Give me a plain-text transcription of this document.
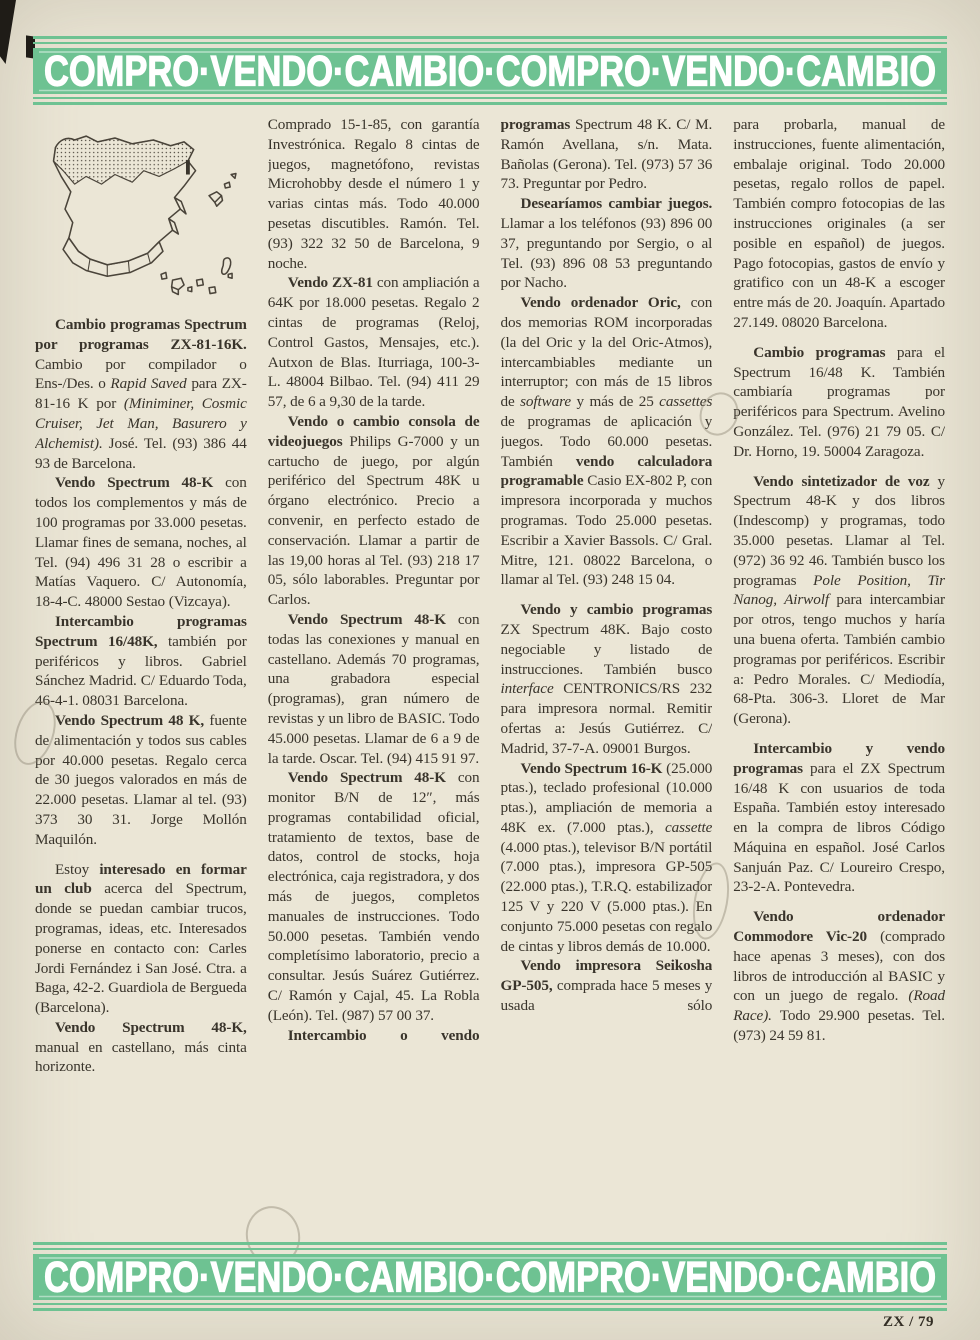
COMPRO·VENDO·CAMBIO·COMPRO·VENDO·CAMBIO

Cambio programas Spectrum por programas ZX-81-16K. Cambio por compilador o Ens-/Des. o Rapid Saved para ZX-81-16 K por (Miniminer, Cosmic Cruiser, Jet Man, Basurero y Alchemist). José. Tel. (93) 386 44 93 de Barcelona.

Vendo Spectrum 48-K con todos los complementos y más de 100 programas por 33.000 pesetas. Llamar fines de semana, noches, al Tel. (94) 496 31 28 o escribir a Matías Vaquero. C/ Autonomía, 18-4-C. 48000 Sestao (Vizcaya).

Intercambio programas Spectrum 16/48K, también por periféricos y libros. Gabriel Sánchez Madrid. C/ Eduardo Toda, 46-4-1. 08031 Barcelona.

Vendo Spectrum 48 K, fuente de alimentación y todos sus cables por 40.000 pesetas. Regalo cerca de 30 juegos valorados en más de 22.000 pesetas. Llamar al tel. (93) 373 30 31. Jorge Mollón Maquilón.

Estoy interesado en formar un club acerca del Spectrum, donde se puedan cambiar trucos, programas, ideas, etc. Interesados ponerse en contacto con: Carles Jordi Fernández i San José. Ctra. a Baga, 42-2. Guardiola de Bergueda (Barcelona).

Vendo Spectrum 48-K, manual en castellano, más cinta horizonte.

Comprado 15-1-85, con garantía Investrónica. Regalo 8 cintas de juegos, magnetófono, revistas Microhobby desde el número 1 y varias cintas más. Todo 40.000 pesetas discutibles. Ramón. Tel. (93) 322 32 50 de Barcelona, 9 noche.

Vendo ZX-81 con ampliación a 64K por 18.000 pesetas. Regalo 2 cintas de programas (Reloj, Control Gastos, Mensajes, etc.). Autxon de Blas. Iturriaga, 100-3-L. 48004 Bilbao. Tel. (94) 411 29 57, de 6 a 9,30 de la tarde.

Vendo o cambio consola de videojuegos Philips G-7000 y un cartucho de juego, por algún periférico del Spectrum 48K u órgano electrónico. Precio a convenir, en perfecto estado de conservación. Llamar a partir de las 19,00 horas al Tel. (93) 218 17 05, sólo laborables. Preguntar por Carlos.

Vendo Spectrum 48-K con todas las conexiones y manual en castellano. Además 70 programas, una grabadora especial (programas), gran número de revistas y un libro de BASIC. Todo 45.000 pesetas. Llamar de 6 a 9 de la tarde. Oscar. Tel. (94) 415 91 97.

Vendo Spectrum 48-K con monitor B/N de 12″, más programas contabilidad oficial, tratamiento de textos, base de datos, control de stocks, hoja electrónica, caja registradora, y dos más de juegos, completos manuales de instrucciones. Todo 50.000 pesetas. También vendo completísimo laboratorio, precio a consultar. Jesús Suárez Gutiérrez. C/ Ramón y Cajal, 45. La Robla (León). Tel. (987) 57 00 37.

Intercambio o vendo

programas Spectrum 48 K. C/ M. Ramón Avellana, s/n. Mata. Bañolas (Gerona). Tel. (973) 57 36 73. Preguntar por Pedro.

Desearíamos cambiar juegos. Llamar a los teléfonos (93) 896 00 37, preguntando por Sergio, o al Tel. (93) 896 08 53 preguntando por Nacho.

Vendo ordenador Oric, con dos memorias ROM incorporadas (la del Oric y la del Oric-Atmos), intercambiables mediante un interruptor; con más de 15 libros de software y más de 25 cassettes de programas de aplicación y juegos. Todo 60.000 pesetas. También vendo calculadora programable Casio EX-802 P, con impresora incorporada y muchos programas. Todo 25.000 pesetas. Escribir a Xavier Bassols. C/ Gral. Mitre, 121. 08022 Barcelona, o llamar al Tel. (93) 248 15 04.

Vendo y cambio programas ZX Spectrum 48K. Bajo costo negociable y listado de instrucciones. También busco interface CENTRONICS/RS 232 para impresora normal. Remitir ofertas a: Jesús Gutiérrez. C/ Madrid, 37-7-A. 09001 Burgos.

Vendo Spectrum 16-K (25.000 ptas.), teclado profesional (10.000 ptas.), ampliación de memoria a 48K ex. (7.000 ptas.), cassette (4.000 ptas.), televisor B/N portátil (7.000 ptas.), impresora GP-505 (22.000 ptas.), T.R.Q. estabilizador 125 V y 220 V (5.000 ptas.). En conjunto 75.000 pesetas con regalo de cintas y libros demás de 10.000.

Vendo impresora Seikosha GP-505, comprada hace 5 meses y usada sólo

para probarla, manual de instrucciones, fuente alimentación, embalaje original. Todo 20.000 pesetas, regalo rollos de papel. También compro fotocopias de las instrucciones originales (a ser posible en español) de juegos. Pago fotocopias, gastos de envío y gratifico con un 48-K a escoger entre más de 20. Joaquín. Apartado 27.149. 08020 Barcelona.

Cambio programas para el Spectrum 16/48 K. También cambiaría programas por periféricos para Spectrum. Avelino González. Tel. (976) 21 79 05. C/ Dr. Horno, 19. 50004 Zaragoza.

Vendo sintetizador de voz y Spectrum 48-K y dos libros (Indescomp) y programas, todo 35.000 pesetas. Llamar al Tel. (972) 36 92 46. También busco los programas Pole Position, Tir Nanog, Airwolf para intercambiar por otros, tengo muchos y haría una buena oferta. También cambio programas por periféricos. Escribir a: Pedro Morales. C/ Mediodía, 68-Pta. 306-3. Lloret de Mar (Gerona).

Intercambio y vendo programas para el ZX Spectrum 16/48 K con usuarios de toda España. También estoy interesado en la compra de libros Código Máquina en español. José Carlos Sanjuán Paz. C/ Loureiro Crespo, 23-2-A. Pontevedra.

Vendo ordenador Commodore Vic-20 (comprado hace apenas 3 meses), con dos libros de introducción al BASIC y con un juego de regalo. (Road Race). Todo 29.900 pesetas. Tel. (973) 24 59 81.

COMPRO·VENDO·CAMBIO·COMPRO·VENDO·CAMBIO
ZX / 79
